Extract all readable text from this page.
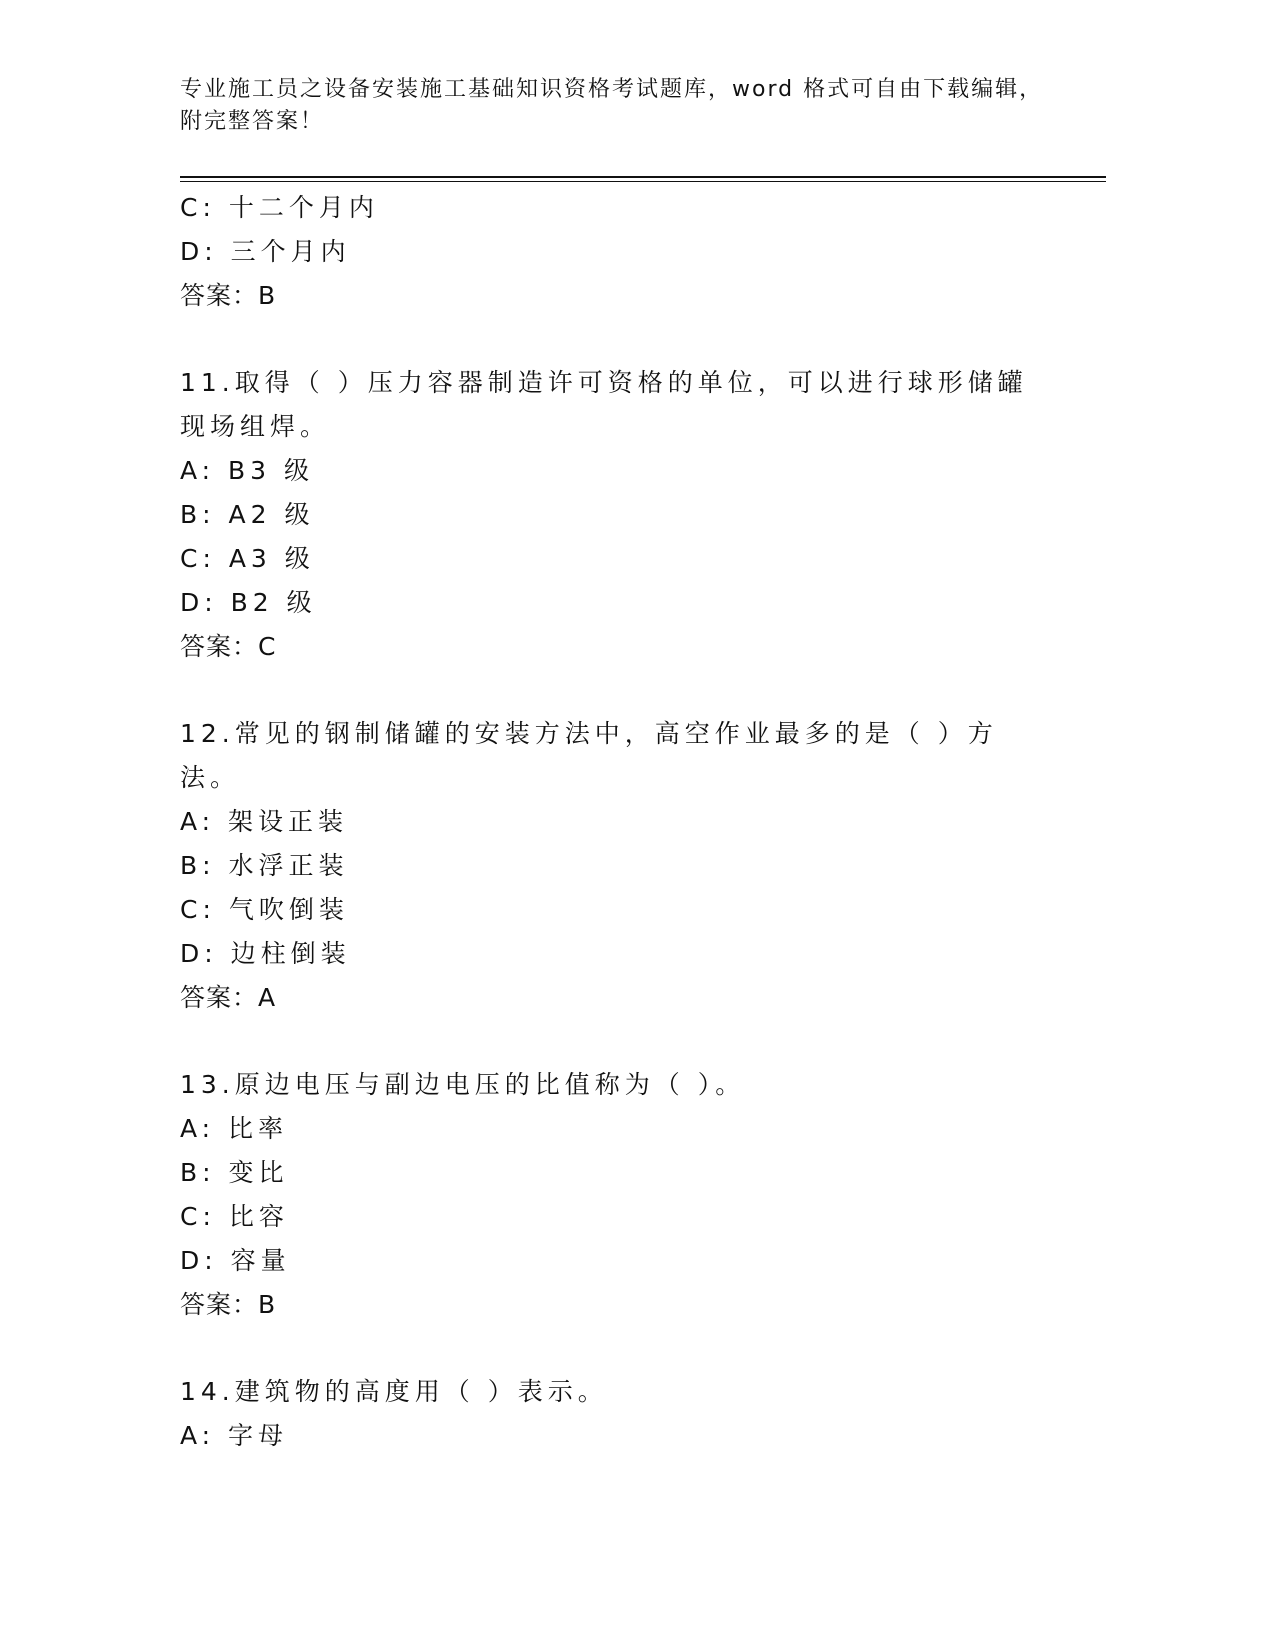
专业施工员之设备安装施工基础知识资格考试题库，word 格式可自由下载编辑，
附完整答案！
C: 十二个月内
D: 三个月内
答案：B
11.取得（ ）压力容器制造许可资格的单位，可以进行球形储罐现场组焊。
A: B3 级
B: A2 级
C: A3 级
D: B2 级
答案：C
12.常见的钢制储罐的安装方法中，高空作业最多的是（ ）方法。
A: 架设正装
B: 水浮正装
C: 气吹倒装
D: 边柱倒装
答案：A
13.原边电压与副边电压的比值称为（ ）。
A: 比率
B: 变比
C: 比容
D: 容量
答案：B
14.建筑物的高度用（ ）表示。
A: 字母
